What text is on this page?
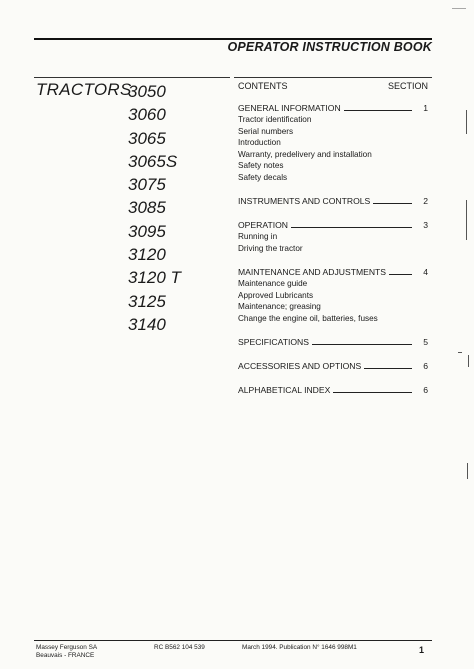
OPERATOR INSTRUCTION BOOK
TRACTORS
3050
3060
3065
3065S
3075
3085
3095
3120
3120 T
3125
3140
CONTENTS	SECTION
GENERAL INFORMATION	1
Tractor identification
Serial numbers
Introduction
Warranty, predelivery and installation
Safety notes
Safety decals
INSTRUMENTS AND CONTROLS	2
OPERATION	3
Running in
Driving the tractor
MAINTENANCE AND ADJUSTMENTS	4
Maintenance guide
Approved Lubricants
Maintenance; greasing
Change the engine oil, batteries, fuses
SPECIFICATIONS	5
ACCESSORIES AND OPTIONS	6
ALPHABETICAL INDEX	6
Massey Ferguson SA
Beauvais - FRANCE
RC B562 104 539	March 1994. Publication N° 1646 998M1	1
